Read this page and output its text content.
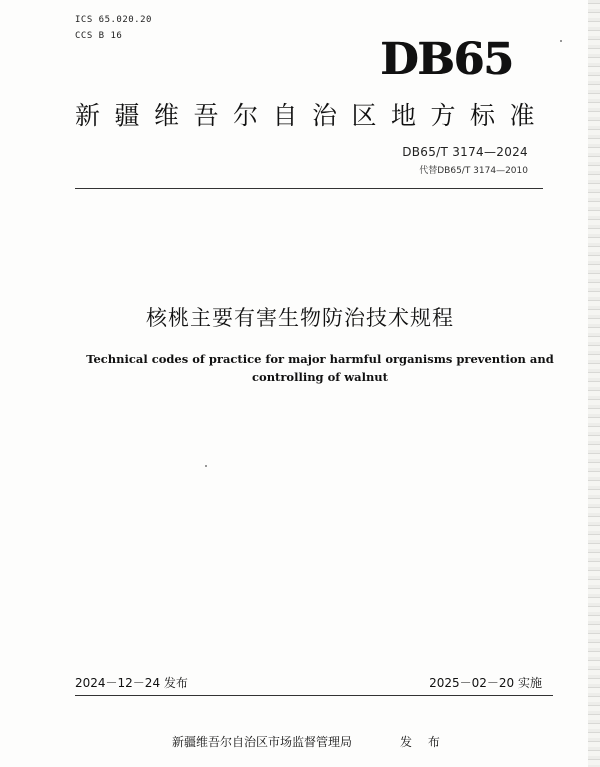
ICS 65.020.20
CCS B 16	DB65
新疆维吾尔自治区地方标准
DB65/T 3174—2024
代替DB65/T 3174—2010
核桃主要有害生物防治技术规程
Technical codes of practice for major harmful organisms prevention and
controlling of walnut
2024－12－24 发布	2025－02－20 实施
新疆维吾尔自治区市场监督管理局	发 布
